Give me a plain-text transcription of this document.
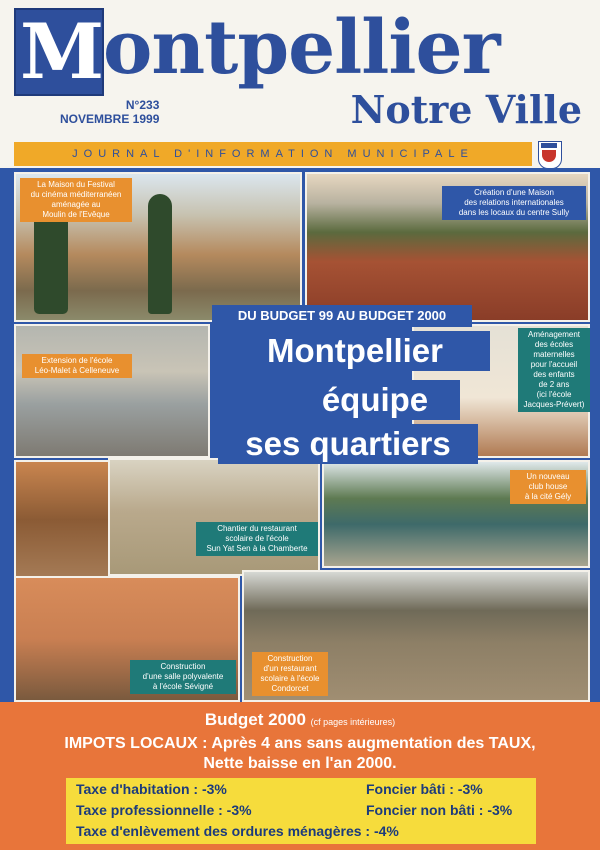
M
ontpellier
Notre Ville
N°233
NOVEMBRE 1999
JOURNAL D'INFORMATION MUNICIPALE
La Maison du Festival
du cinéma méditerranéen
aménagée au
Moulin de l'Evêque
Création d'une Maison
des relations internationales
dans les locaux du centre Sully
Extension de l'école
Léo-Malet à Celleneuve
Aménagement
des écoles
maternelles
pour l'accueil
des enfants
de 2 ans
(ici l'école
Jacques-Prévert)
Chantier du restaurant
scolaire de l'école
Sun Yat Sen à la Chamberte
Un nouveau
club house
à la cité Gély
Construction
d'une salle polyvalente
à l'école Sévigné
Construction
d'un restaurant
scolaire à l'école
Condorcet
DU BUDGET 99 AU BUDGET 2000
Montpellier
équipe
ses quartiers
Budget 2000 (cf pages intérieures)
IMPOTS LOCAUX : Après 4 ans sans augmentation des TAUX,
Nette baisse en l'an 2000.
Taxe d'habitation : -3%	Foncier bâti : -3%
Taxe professionnelle : -3%	Foncier non bâti : -3%
Taxe d'enlèvement des ordures ménagères : -4%
